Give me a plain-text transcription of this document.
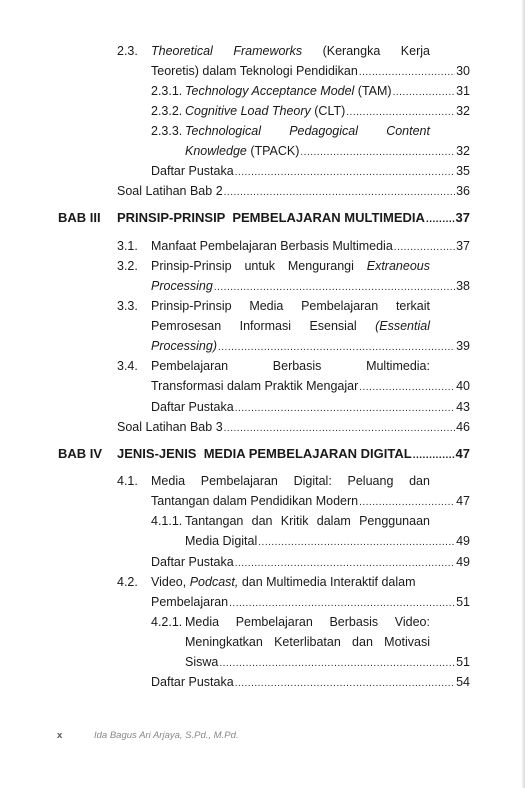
2.3. Theoretical Frameworks (Kerangka Kerja
Teoretis) dalam Teknologi Pendidikan .....	30
2.3.1. Technology Acceptance Model (TAM) .....	31
2.3.2. Cognitive Load Theory (CLT) .....	32
2.3.3. Technological Pedagogical Content
Knowledge (TPACK) .....	32
Daftar Pustaka .....	35
Soal Latihan Bab 2 .....	36
BAB III PRINSIP-PRINSIP  PEMBELAJARAN MULTIMEDIA ..... 37
3.1. Manfaat Pembelajaran Berbasis Multimedia .....	37
3.2. Prinsip-Prinsip untuk Mengurangi Extraneous
Processing .....	38
3.3. Prinsip-Prinsip Media Pembelajaran terkait
Pemrosesan Informasi Esensial (Essential
Processing) .....	39
3.4. Pembelajaran	Berbasis	Multimedia:
Transformasi dalam Praktik Mengajar .....	40
Daftar Pustaka .....	43
Soal Latihan Bab 3 .....	46
BAB IV JENIS-JENIS  MEDIA PEMBELAJARAN DIGITAL .....	47
4.1. Media Pembelajaran Digital: Peluang dan
Tantangan dalam Pendidikan Modern .....	47
4.1.1. Tantangan dan Kritik dalam Penggunaan
Media Digital .....	49
Daftar Pustaka .....	49
4.2. Video, Podcast, dan Multimedia Interaktif dalam
Pembelajaran .....	51
4.2.1. Media Pembelajaran Berbasis Video:
Meningkatkan Keterlibatan dan Motivasi
Siswa .....	51
Daftar Pustaka .....	54
x	Ida Bagus Ari Arjaya, S.Pd., M.Pd.
